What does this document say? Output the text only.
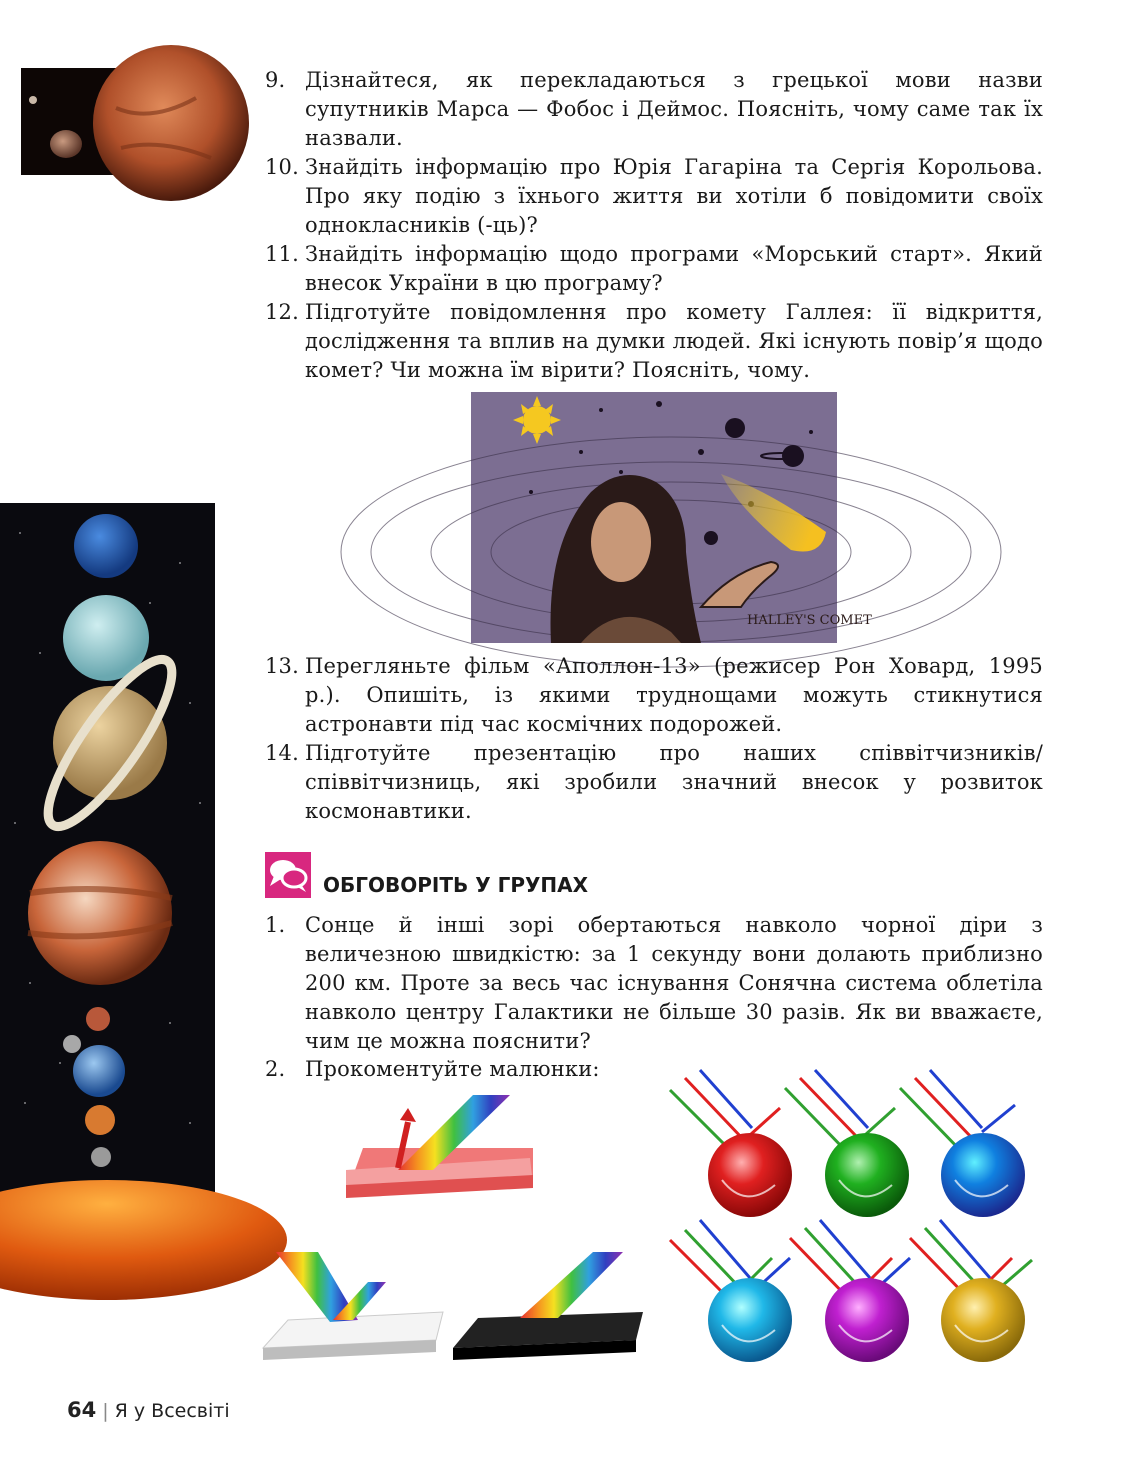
9. Дізнайтеся, як перекладаються з грецької мови назви супутників Марса — Фобос і Деймос. Поясніть, чому саме так їх назвали.
10. Знайдіть інформацію про Юрія Гагаріна та Сергія Корольова. Про яку подію з їхнього життя ви хотіли б повідомити своїх однокласників (-ць)?
11. Знайдіть інформацію щодо програми «Морський старт». Який внесок України в цю програму?
12. Підготуйте повідомлення про комету Галлея: її відкриття, дослідження та вплив на думки людей. Які існують повір’я щодо комет? Чи можна їм вірити? Поясніть, чому.
HALLEY'S COMET
13. Перегляньте фільм «Аполлон-13» (режисер Рон Ховард, 1995 р.). Опишіть, із якими труднощами можуть стикнутися астронавти під час космічних подорожей.
14. Підготуйте презентацію про наших співвітчизників/співвітчизниць, які зробили значний внесок у розвиток космонавтики.
ОБГОВОРІТЬ У ГРУПАХ
1. Сонце й інші зорі обертаються навколо чорної діри з величезною швидкістю: за 1 секунду вони долають приблизно 200 км. Проте за весь час існування Сонячна система облетіла навколо центру Галактики не більше 30 разів. Як ви вважаєте, чим це можна пояснити?
2. Прокоментуйте малюнки:
64 | Я у Всесвіті
